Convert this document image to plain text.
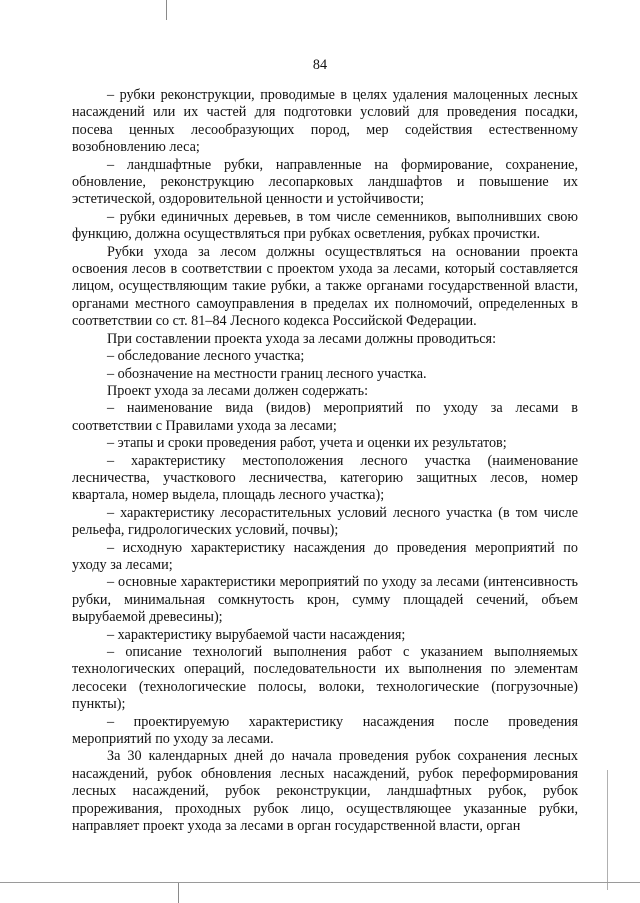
84

– рубки реконструкции, проводимые в целях удаления малоценных лесных насаждений или их частей для подготовки условий для проведения посадки, посева ценных лесообразующих пород, мер содействия естественному возобновлению леса;

– ландшафтные рубки, направленные на формирование, сохранение, обновление, реконструкцию лесопарковых ландшафтов и повышение их эстетической, оздоровительной ценности и устойчивости;

– рубки единичных деревьев, в том числе семенников, выполнивших свою функцию, должна осуществляться при рубках осветления, рубках прочистки.

Рубки ухода за лесом должны осуществляться на основании проекта освоения лесов в соответствии с проектом ухода за лесами, который составляется лицом, осуществляющим такие рубки, а также органами государственной власти, органами местного самоуправления в пределах их полномочий, определенных в соответствии со ст. 81–84 Лесного кодекса Российской Федерации.

При составлении проекта ухода за лесами должны проводиться:

– обследование лесного участка;

– обозначение на местности границ лесного участка.

Проект ухода за лесами должен содержать:

– наименование вида (видов) мероприятий по уходу за лесами в соответствии с Правилами ухода за лесами;

– этапы и сроки проведения работ, учета и оценки их результатов;

– характеристику местоположения лесного участка (наименование лесничества, участкового лесничества, категорию защитных лесов, номер квартала, номер выдела, площадь лесного участка);

– характеристику лесорастительных условий лесного участка (в том числе рельефа, гидрологических условий, почвы);

– исходную характеристику насаждения до проведения мероприятий по уходу за лесами;

– основные характеристики мероприятий по уходу за лесами (интенсивность рубки, минимальная сомкнутость крон, сумму площадей сечений, объем вырубаемой древесины);

– характеристику вырубаемой части насаждения;

– описание технологий выполнения работ с указанием выполняемых технологических операций, последовательности их выполнения по элементам лесосеки (технологические полосы, волоки, технологические (погрузочные) пункты);

– проектируемую характеристику насаждения после проведения мероприятий по уходу за лесами.

За 30 календарных дней до начала проведения рубок сохранения лесных насаждений, рубок обновления лесных насаждений, рубок переформирования лесных насаждений, рубок реконструкции, ландшафтных рубок, рубок прореживания, проходных рубок лицо, осуществляющее указанные рубки, направляет проект ухода за лесами в орган государственной власти, орган
